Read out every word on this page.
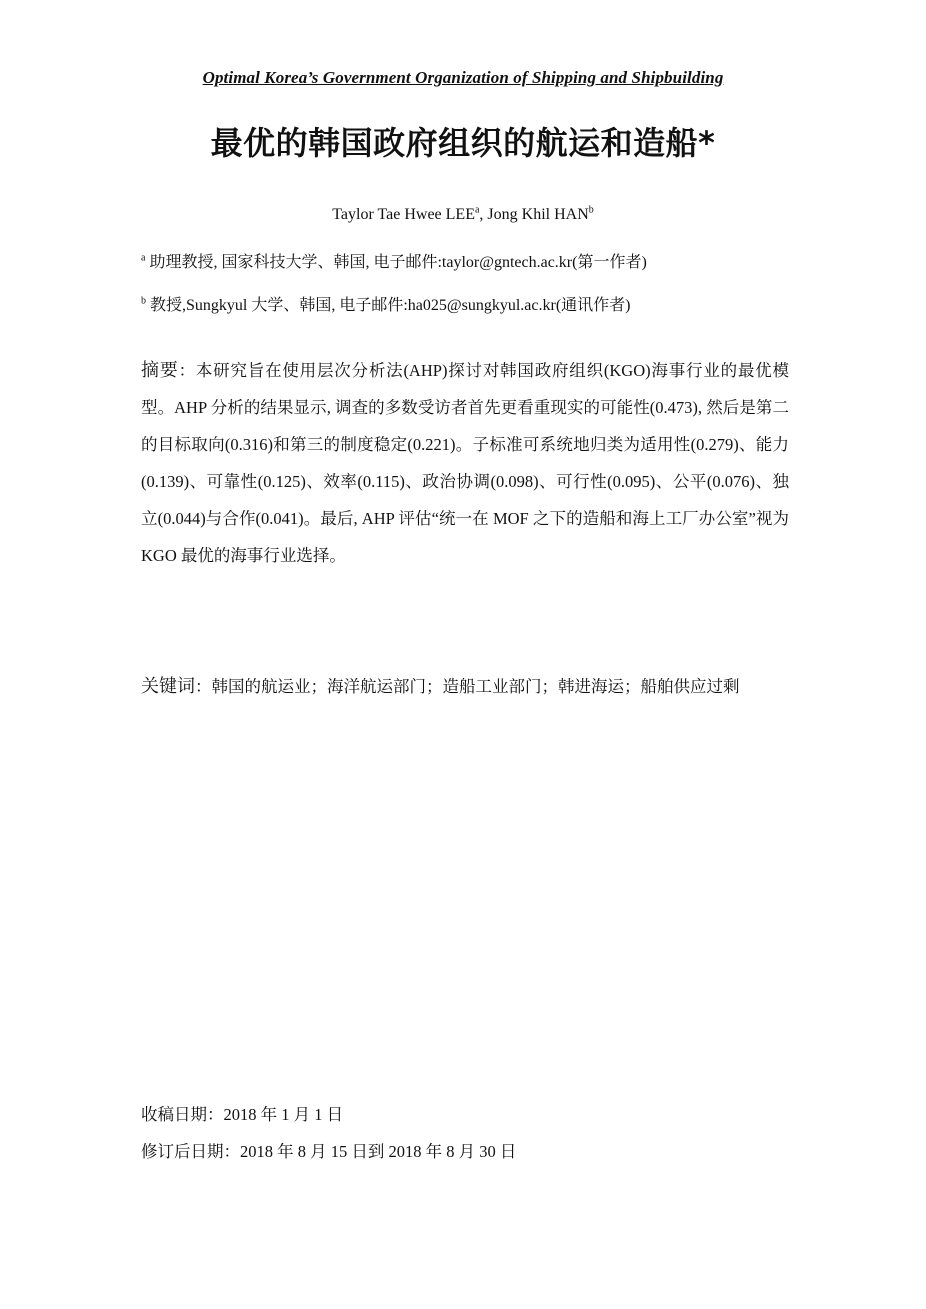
Optimal Korea’s Government Organization of Shipping and Shipbuilding
最优的韩国政府组织的航运和造船*
Taylor Tae Hwee LEE$^a$, Jong Khil HAN$^b$
$^a$ 助理教授, 国家科技大学、韩国, 电子邮件:taylor@gntech.ac.kr(第一作者)
$^b$ 教授,Sungkyul 大学、韩国, 电子邮件:ha025@sungkyul.ac.kr(通讯作者)
摘要：本研究旨在使用层次分析法(AHP)探讨对韩国政府组织(KGO)海事行业的最优模型。AHP 分析的结果显示, 调查的多数受访者首先更看重现实的可能性(0.473), 然后是第二的目标取向(0.316)和第三的制度稳定(0.221)。子标准可系统地归类为适用性(0.279)、能力(0.139)、可靠性(0.125)、效率(0.115)、政治协调(0.098)、可行性(0.095)、公平(0.076)、独立(0.044)与合作(0.041)。最后, AHP 评估“统一在 MOF 之下的造船和海上工厂办公室”视为 KGO 最优的海事行业选择。
关键词：韩国的航运业；海洋航运部门；造船工业部门；韩进海运；船舶供应过剩
收稿日期：2018 年 1 月 1 日
修订后日期：2018 年 8 月 15 日到 2018 年 8 月 30 日
